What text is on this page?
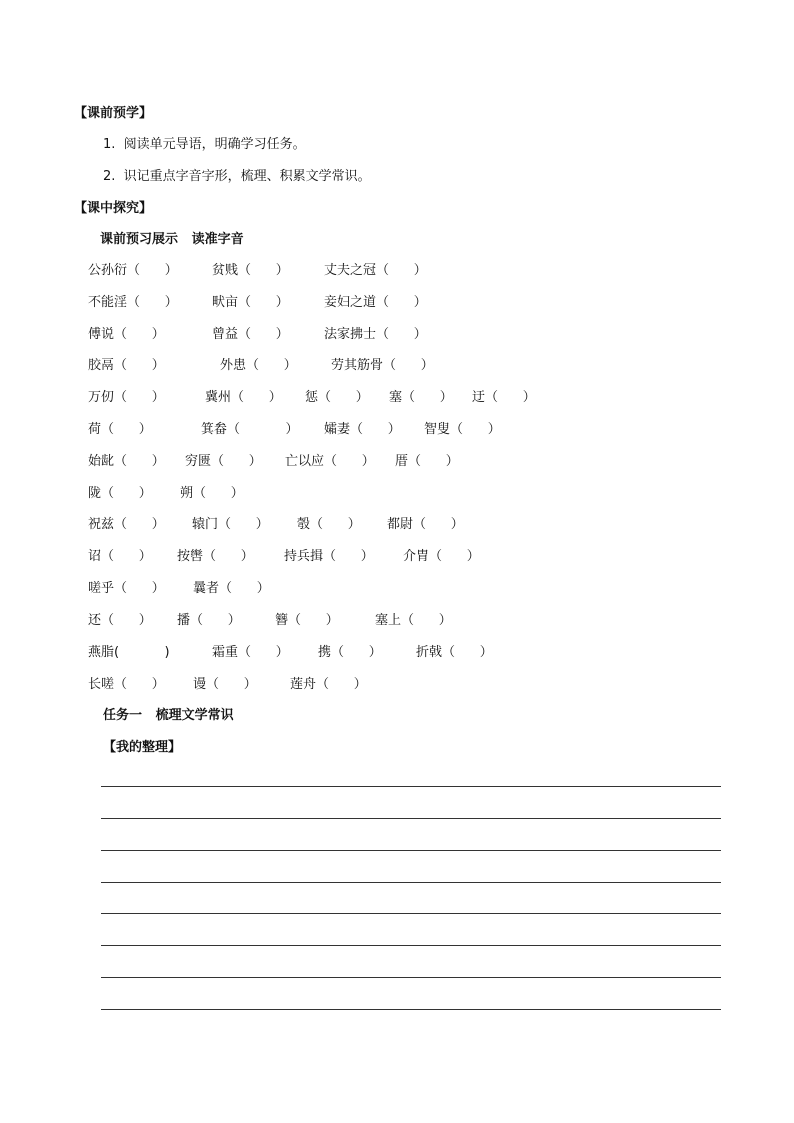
【课前预学】
1.  阅读单元导语，明确学习任务。
2.  识记重点字音字形，梳理、积累文学常识。
【课中探究】
课前预习展示   读准字音
公孙衍（      ）	贫贱（      ）	丈夫之冠（      ）
不能淫（      ）	畎亩（      ）	妾妇之道（      ）
傅说（      ）	曾益（      ）	法家拂士（      ）
胶鬲（      ）	外患（      ）	劳其筋骨（      ）
万仞（      ）	冀州（      ） 惩（      ） 塞（      ） 迂（      ）
荷（      ）	箕畚（           ） 孀妻（      ） 智叟（      ）
始龀（      ） 穷匮（      ） 亡以应（      ） 厝（      ）
陇（      ） 朔（      ）
祝兹（      ） 辕门（      ） 彀（      ） 都尉（      ）
诏（      ） 按辔（      ） 持兵揖（      ） 介胄（      ）
嗟乎（      ） 曩者（      ）
还（      ） 播（      ）	簪（      ）	塞上（      ）
燕脂(           )	霜重（      ） 携（      ）	折戟（      ）
长嗟（      ） 谩（      ）	莲舟（      ）
任务一   梳理文学常识
【我的整理】
